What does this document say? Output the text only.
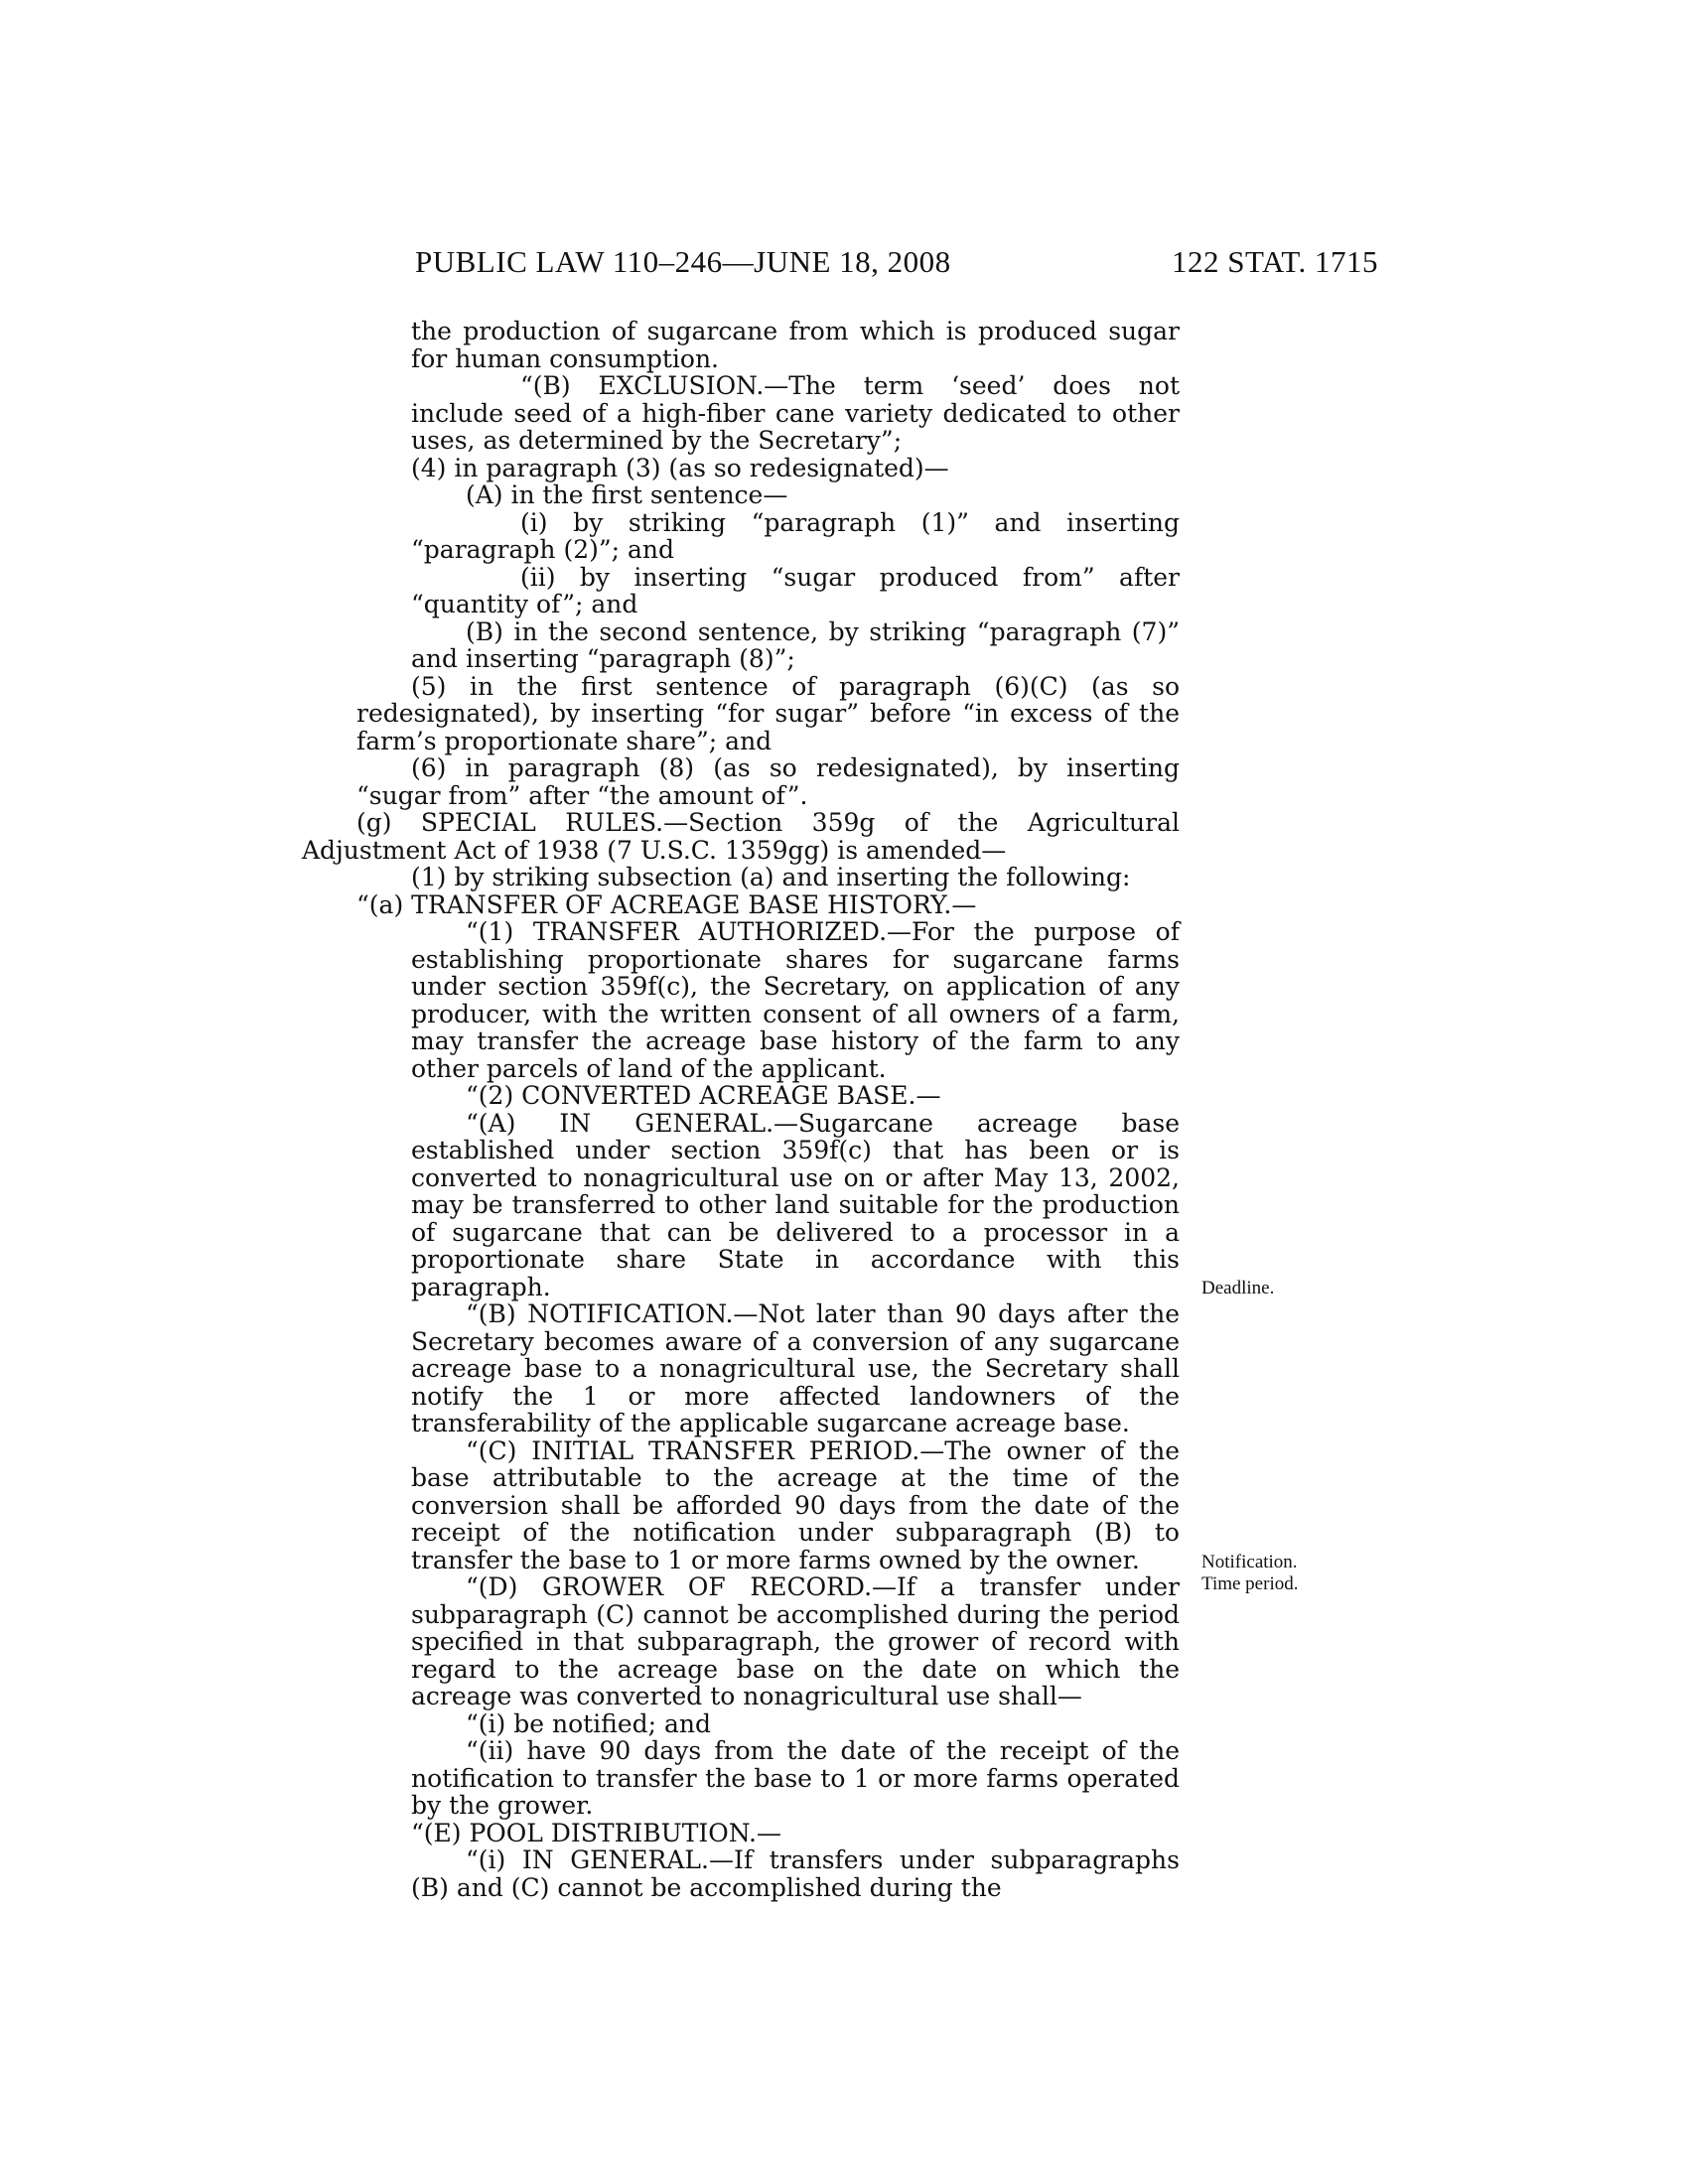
PUBLIC LAW 110–246—JUNE 18, 2008	122 STAT. 1715

the production of sugarcane from which is produced sugar for human consumption.

“(B) EXCLUSION.—The term ‘seed’ does not include seed of a high-fiber cane variety dedicated to other uses, as determined by the Secretary”;

(4) in paragraph (3) (as so redesignated)—

(A) in the first sentence—

(i) by striking “paragraph (1)” and inserting “paragraph (2)”; and

(ii) by inserting “sugar produced from” after “quantity of”; and

(B) in the second sentence, by striking “paragraph (7)” and inserting “paragraph (8)”;

(5) in the first sentence of paragraph (6)(C) (as so redesignated), by inserting “for sugar” before “in excess of the farm’s proportionate share”; and

(6) in paragraph (8) (as so redesignated), by inserting “sugar from” after “the amount of”.

(g) SPECIAL RULES.—Section 359g of the Agricultural Adjustment Act of 1938 (7 U.S.C. 1359gg) is amended—

(1) by striking subsection (a) and inserting the following:

“(a) TRANSFER OF ACREAGE BASE HISTORY.—

“(1) TRANSFER AUTHORIZED.—For the purpose of establishing proportionate shares for sugarcane farms under section 359f(c), the Secretary, on application of any producer, with the written consent of all owners of a farm, may transfer the acreage base history of the farm to any other parcels of land of the applicant.

“(2) CONVERTED ACREAGE BASE.—

“(A) IN GENERAL.—Sugarcane acreage base established under section 359f(c) that has been or is converted to nonagricultural use on or after May 13, 2002, may be transferred to other land suitable for the production of sugarcane that can be delivered to a processor in a proportionate share State in accordance with this paragraph.

“(B) NOTIFICATION.—Not later than 90 days after the Secretary becomes aware of a conversion of any sugarcane acreage base to a nonagricultural use, the Secretary shall notify the 1 or more affected landowners of the transferability of the applicable sugarcane acreage base.

“(C) INITIAL TRANSFER PERIOD.—The owner of the base attributable to the acreage at the time of the conversion shall be afforded 90 days from the date of the receipt of the notification under subparagraph (B) to transfer the base to 1 or more farms owned by the owner.

“(D) GROWER OF RECORD.—If a transfer under subparagraph (C) cannot be accomplished during the period specified in that subparagraph, the grower of record with regard to the acreage base on the date on which the acreage was converted to nonagricultural use shall—

“(i) be notified; and

“(ii) have 90 days from the date of the receipt of the notification to transfer the base to 1 or more farms operated by the grower.

“(E) POOL DISTRIBUTION.—

“(i) IN GENERAL.—If transfers under subparagraphs (B) and (C) cannot be accomplished during the

Deadline.
Notification.
Time period.
